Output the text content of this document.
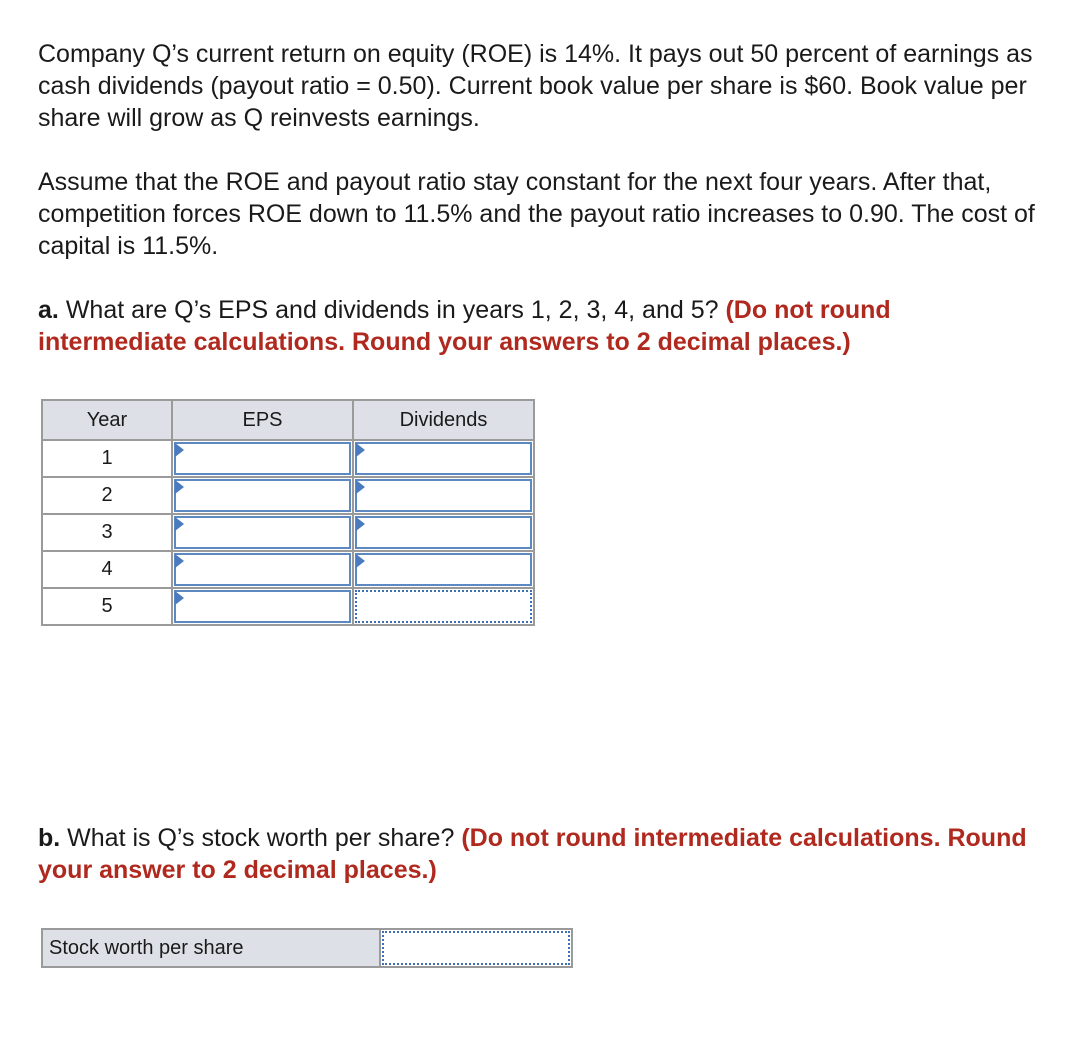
Company Q’s current return on equity (ROE) is 14%. It pays out 50 percent of earnings as cash dividends (payout ratio = 0.50). Current book value per share is $60. Book value per share will grow as Q reinvests earnings.

Assume that the ROE and payout ratio stay constant for the next four years. After that, competition forces ROE down to 11.5% and the payout ratio increases to 0.90. The cost of capital is 11.5%.

a. What are Q’s EPS and dividends in years 1, 2, 3, 4, and 5? (Do not round intermediate calculations. Round your answers to 2 decimal places.)

Year	EPS	Dividends
1	

2	

3	

4	

5	

b. What is Q’s stock worth per share? (Do not round intermediate calculations. Round your answer to 2 decimal places.)

Stock worth per share	
